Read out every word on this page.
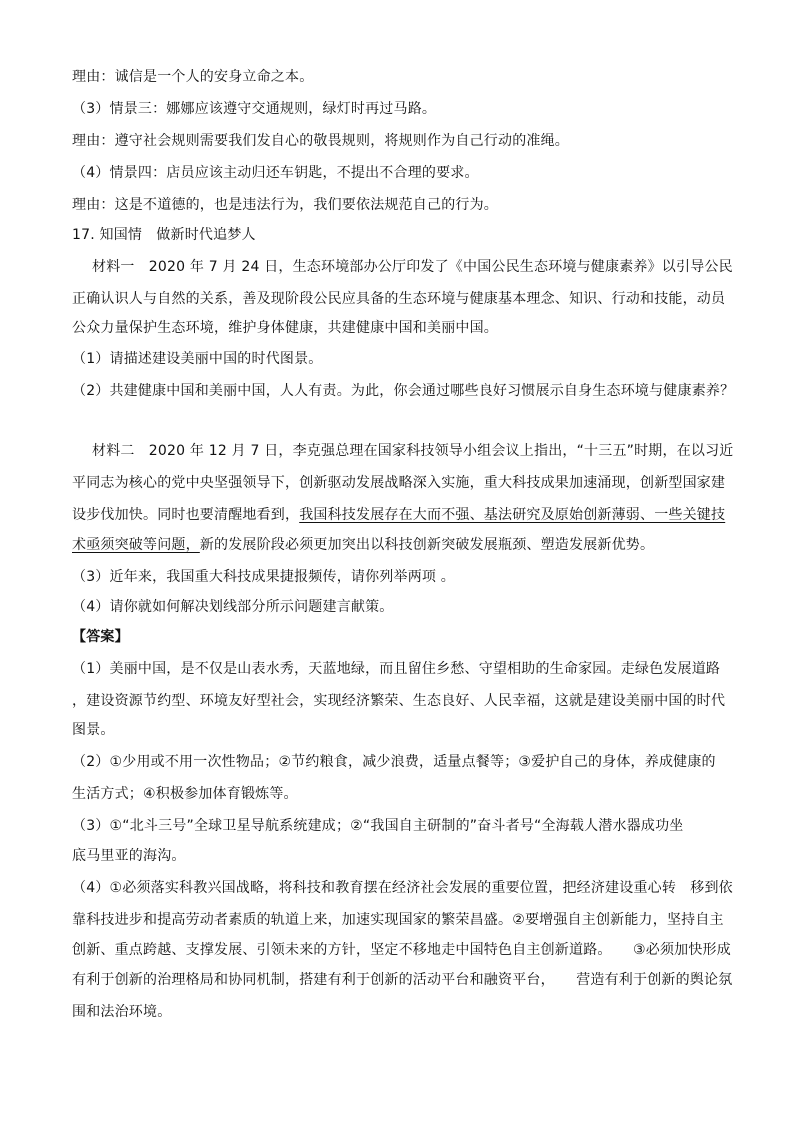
理由：诚信是一个人的安身立命之本。
（3）情景三：娜娜应该遵守交通规则，绿灯时再过马路。
理由：遵守社会规则需要我们发自心的敬畏规则，将规则作为自己行动的准绳。
（4）情景四：店员应该主动归还车钥匙，不提出不合理的要求。
理由：这是不道德的，也是违法行为，我们要依法规范自己的行为。
17. 知国情　做新时代追梦人
材料一　2020 年 7 月 24 日，生态环境部办公厅印发了《中国公民生态环境与健康素养》以引导公民
正确认识人与自然的关系，善及现阶段公民应具备的生态环境与健康基本理念、知识、行动和技能，动员
公众力量保护生态环境，维护身体健康，共建健康中国和美丽中国。
（1）请描述建设美丽中国的时代图景。
（2）共建健康中国和美丽中国，人人有责。为此，你会通过哪些良好习惯展示自身生态环境与健康素养？
材料二　2020 年 12 月 7 日，李克强总理在国家科技领导小组会议上指出，“十三五”时期，在以习近
平同志为核心的党中央坚强领导下，创新驱动发展战略深入实施，重大科技成果加速涌现，创新型国家建
设步伐加快。同时也要清醒地看到，我国科技发展存在大而不强、基法研究及原始创新薄弱、一些关键技
术亟须突破等问题，新的发展阶段必须更加突出以科技创新突破发展瓶颈、塑造发展新优势。
（3）近年来，我国重大科技成果捷报频传，请你列举两项 。
（4）请你就如何解决划线部分所示问题建言献策。
【答案】
（1）美丽中国，是不仅是山表水秀，天蓝地绿，而且留住乡愁、守望相助的生命家园。走绿色发展道路
，建设资源节约型、环境友好型社会，实现经济繁荣、生态良好、人民幸福，这就是建设美丽中国的时代
图景。
（2）①少用或不用一次性物品；②节约粮食，减少浪费，适量点餐等；③爱护自己的身体，养成健康的
生活方式；④积极参加体育锻炼等。
（3）①“北斗三号”全球卫星导航系统建成；②“我国自主研制的”奋斗者号“全海载人潜水器成功坐
底马里亚的海沟。
（4）①必须落实科教兴国战略，将科技和教育摆在经济社会发展的重要位置，把经济建设重心转　移到依
靠科技进步和提高劳动者素质的轨道上来，加速实现国家的繁荣昌盛。②要增强自主创新能力，坚持自主
创新、重点跨越、支撑发展、引领未来的方针，坚定不移地走中国特色自主创新道路。　　③必须加快形成
有利于创新的治理格局和协同机制，搭建有利于创新的活动平台和融资平台，　　营造有利于创新的舆论氛
围和法治环境。
